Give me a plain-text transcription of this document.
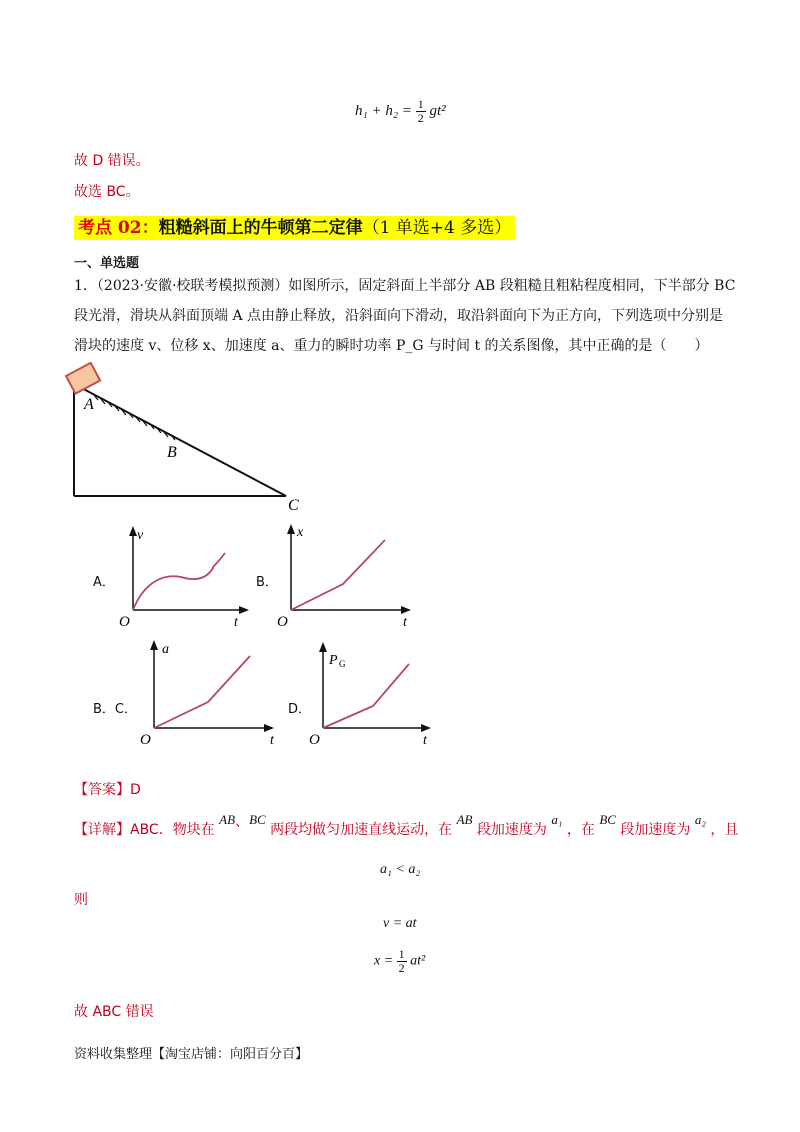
$h_1 + h_2 = \frac{1}{2} gt^2$
故 D 错误。
故选 BC。
考点 02：粗糙斜面上的牛顿第二定律（1 单选+4 多选）
一、单选题
1．（2023·安徽·校联考模拟预测）如图所示，固定斜面上半部分 AB 段粗糙且粗粘程度相同，下半部分 BC
段光滑，滑块从斜面顶端 A 点由静止释放，沿斜面向下滑动，取沿斜面向下为正方向，下列选项中分别是
滑块的速度 v、位移 x、加速度 a、重力的瞬时功率 P_G 与时间 t 的关系图像，其中正确的是（　　）
A
B
C
A．	B．
B．C．	D．
v
t
O
x
t
O
a
t
O
P G
t
O
【答案】D
【详解】ABC．物块在 AB、BC 两段均做匀加速直线运动，在 AB 段加速度为 a₁ ，在 BC 段加速度为 a₂ ，且
a₁ < a₂
则
v = at
$x = \frac{1}{2} at^2$
故 ABC 错误
资料收集整理【淘宝店铺：向阳百分百】
